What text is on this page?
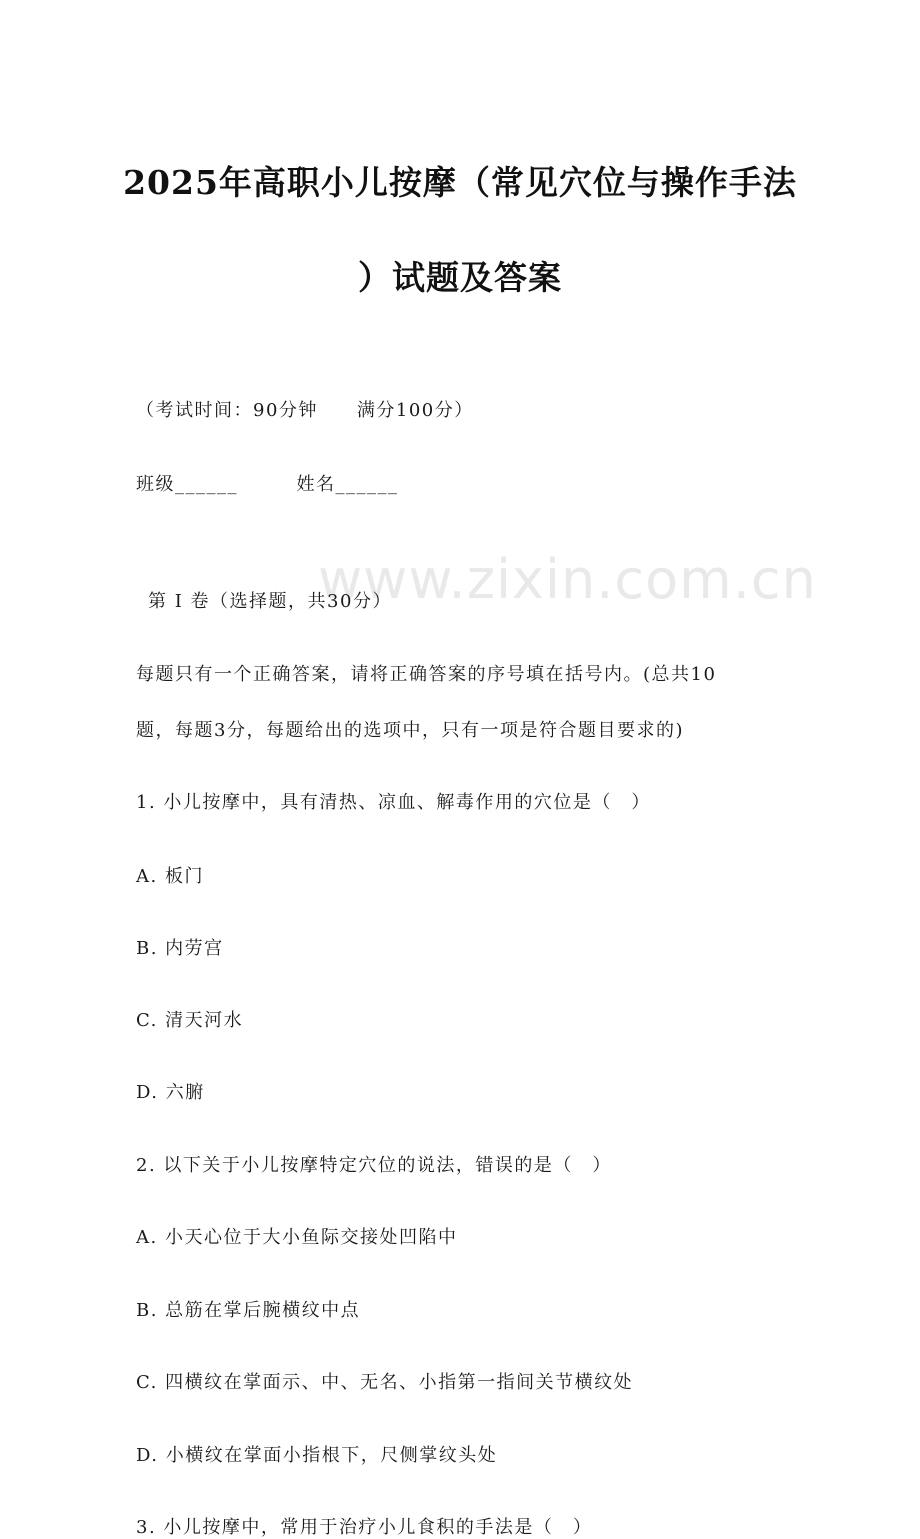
www.zixin.com.cn
2025年高职小儿按摩（常见穴位与操作手法
）试题及答案
（考试时间：90分钟　　满分100分）
班级______　　　姓名______
第 I 卷（选择题，共30分）
每题只有一个正确答案，请将正确答案的序号填在括号内。(总共10
题，每题3分，每题给出的选项中，只有一项是符合题目要求的)
1. 小儿按摩中，具有清热、凉血、解毒作用的穴位是（　）
A. 板门
B. 内劳宫
C. 清天河水
D. 六腑
2. 以下关于小儿按摩特定穴位的说法，错误的是（　）
A. 小天心位于大小鱼际交接处凹陷中
B. 总筋在掌后腕横纹中点
C. 四横纹在掌面示、中、无名、小指第一指间关节横纹处
D. 小横纹在掌面小指根下，尺侧掌纹头处
3. 小儿按摩中，常用于治疗小儿食积的手法是（　）
